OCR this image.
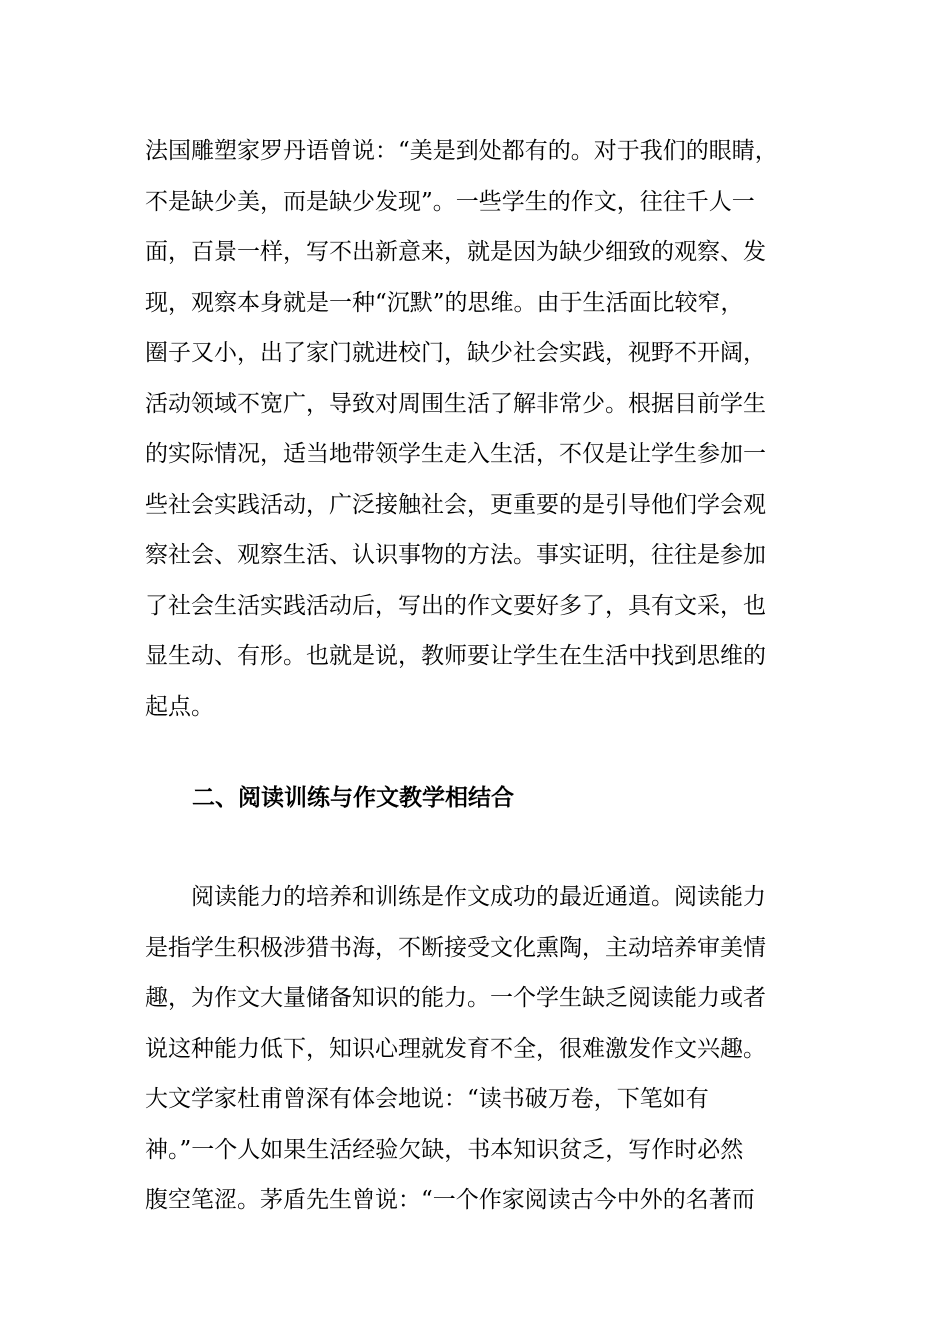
法国雕塑家罗丹语曾说：“美是到处都有的。对于我们的眼睛，
不是缺少美，而是缺少发现”。一些学生的作文，往往千人一
面，百景一样，写不出新意来，就是因为缺少细致的观察、发
现，观察本身就是一种“沉默”的思维。由于生活面比较窄，
圈子又小，出了家门就进校门，缺少社会实践，视野不开阔，
活动领域不宽广，导致对周围生活了解非常少。根据目前学生
的实际情况，适当地带领学生走入生活，不仅是让学生参加一
些社会实践活动，广泛接触社会，更重要的是引导他们学会观
察社会、观察生活、认识事物的方法。事实证明，往往是参加
了社会生活实践活动后，写出的作文要好多了，具有文采，也
显生动、有形。也就是说，教师要让学生在生活中找到思维的
起点。

二、阅读训练与作文教学相结合

　　阅读能力的培养和训练是作文成功的最近通道。阅读能力
是指学生积极涉猎书海，不断接受文化熏陶，主动培养审美情
趣，为作文大量储备知识的能力。一个学生缺乏阅读能力或者
说这种能力低下，知识心理就发育不全，很难激发作文兴趣。
大文学家杜甫曾深有体会地说：“读书破万卷，下笔如有
神。”一个人如果生活经验欠缺，书本知识贫乏，写作时必然
腹空笔涩。茅盾先生曾说：“一个作家阅读古今中外的名著而
